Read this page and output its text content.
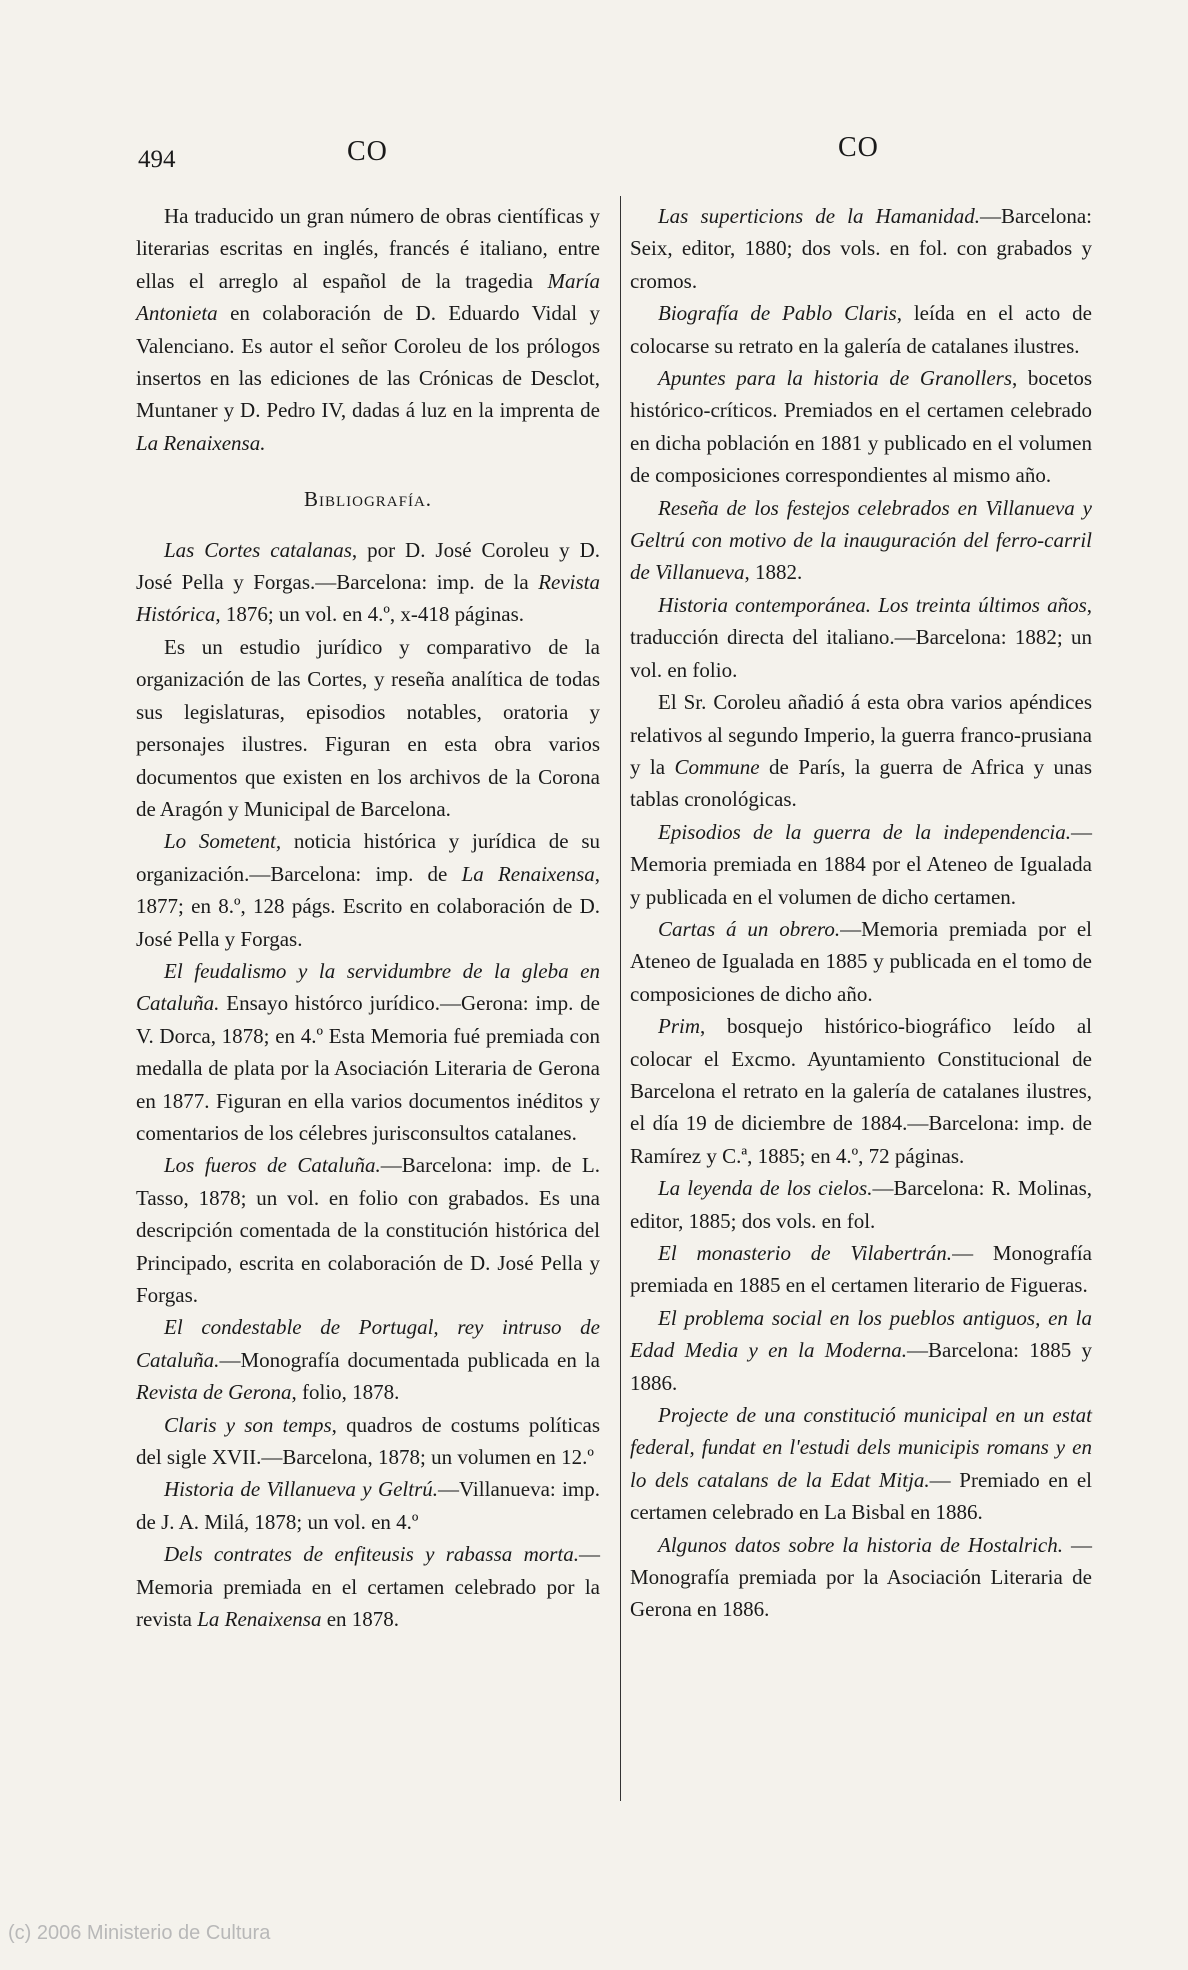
494	CO	CO

Ha traducido un gran número de obras científicas y literarias escritas en inglés, francés é italiano, entre ellas el arreglo al español de la tragedia María Antonieta en colaboración de D. Eduardo Vidal y Valenciano. Es autor el señor Coroleu de los prólogos insertos en las ediciones de las Crónicas de Desclot, Muntaner y D. Pedro IV, dadas á luz en la imprenta de La Renaixensa.

Bibliografía.

Las Cortes catalanas, por D. José Coroleu y D. José Pella y Forgas.—Barcelona: imp. de la Revista Histórica, 1876; un vol. en 4.º, x-418 páginas.

Es un estudio jurídico y comparativo de la organización de las Cortes, y reseña analítica de todas sus legislaturas, episodios notables, oratoria y personajes ilustres. Figuran en esta obra varios documentos que existen en los archivos de la Corona de Aragón y Municipal de Barcelona.

Lo Sometent, noticia histórica y jurídica de su organización.—Barcelona: imp. de La Renaixensa, 1877; en 8.º, 128 págs. Escrito en colaboración de D. José Pella y Forgas.

El feudalismo y la servidumbre de la gleba en Cataluña. Ensayo histórco jurídico.—Gerona: imp. de V. Dorca, 1878; en 4.º Esta Memoria fué premiada con medalla de plata por la Asociación Literaria de Gerona en 1877. Figuran en ella varios documentos inéditos y comentarios de los célebres jurisconsultos catalanes.

Los fueros de Cataluña.—Barcelona: imp. de L. Tasso, 1878; un vol. en folio con grabados. Es una descripción comentada de la constitución histórica del Principado, escrita en colaboración de D. José Pella y Forgas.

El condestable de Portugal, rey intruso de Cataluña.—Monografía documentada publicada en la Revista de Gerona, folio, 1878.

Claris y son temps, quadros de costums políticas del sigle XVII.—Barcelona, 1878; un volumen en 12.º

Historia de Villanueva y Geltrú.—Villanueva: imp. de J. A. Milá, 1878; un vol. en 4.º

Dels contrates de enfiteusis y rabassa morta.— Memoria premiada en el certamen celebrado por la revista La Renaixensa en 1878.

Las superticions de la Hamanidad.—Barcelona: Seix, editor, 1880; dos vols. en fol. con grabados y cromos.

Biografía de Pablo Claris, leída en el acto de colocarse su retrato en la galería de catalanes ilustres.

Apuntes para la historia de Granollers, bocetos histórico-críticos. Premiados en el certamen celebrado en dicha población en 1881 y publicado en el volumen de composiciones correspondientes al mismo año.

Reseña de los festejos celebrados en Villanueva y Geltrú con motivo de la inauguración del ferro-carril de Villanueva, 1882.

Historia contemporánea. Los treinta últimos años, traducción directa del italiano.—Barcelona: 1882; un vol. en folio.

El Sr. Coroleu añadió á esta obra varios apéndices relativos al segundo Imperio, la guerra franco-prusiana y la Commune de París, la guerra de Africa y unas tablas cronológicas.

Episodios de la guerra de la independencia.— Memoria premiada en 1884 por el Ateneo de Igualada y publicada en el volumen de dicho certamen.

Cartas á un obrero.—Memoria premiada por el Ateneo de Igualada en 1885 y publicada en el tomo de composiciones de dicho año.

Prim, bosquejo histórico-biográfico leído al colocar el Excmo. Ayuntamiento Constitucional de Barcelona el retrato en la galería de catalanes ilustres, el día 19 de diciembre de 1884.—Barcelona: imp. de Ramírez y C.ª, 1885; en 4.º, 72 páginas.

La leyenda de los cielos.—Barcelona: R. Molinas, editor, 1885; dos vols. en fol.

El monasterio de Vilabertrán.— Monografía premiada en 1885 en el certamen literario de Figueras.

El problema social en los pueblos antiguos, en la Edad Media y en la Moderna.—Barcelona: 1885 y 1886.

Projecte de una constitució municipal en un estat federal, fundat en l'estudi dels municipis romans y en lo dels catalans de la Edat Mitja.— Premiado en el certamen celebrado en La Bisbal en 1886.

Algunos datos sobre la historia de Hostalrich. —Monografía premiada por la Asociación Literaria de Gerona en 1886.

(c) 2006 Ministerio de Cultura
